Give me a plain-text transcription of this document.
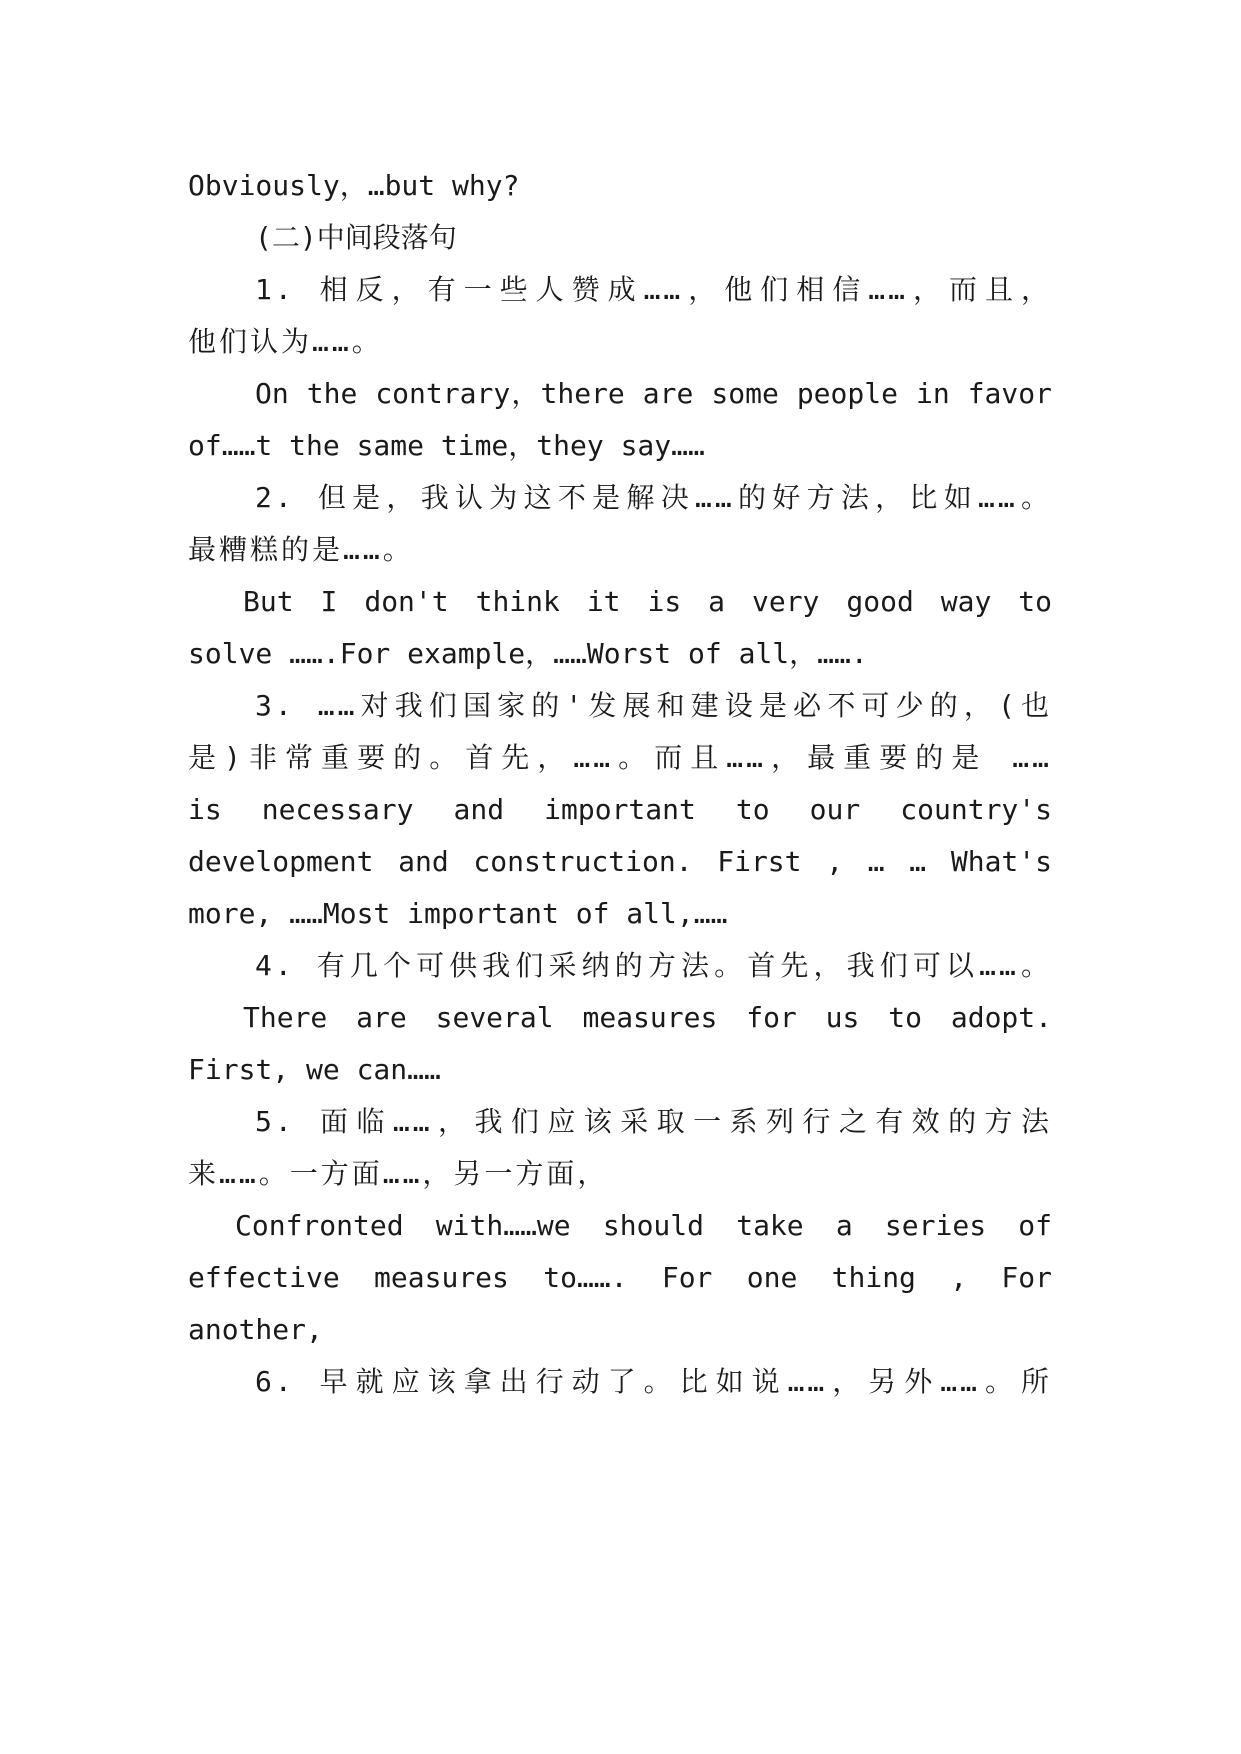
Obviously，…but why?
(二)中间段落句
1. 相反，有一些人赞成……，他们相信……，而且，
他们认为……。
On the contrary，there are some people in favor
of……t the same time，they say……
2. 但是，我认为这不是解决……的好方法，比如……。
最糟糕的是……。
But I don't think it is a very good way to
solve …….For example，……Worst of all，…….
3. ……对我们国家的'发展和建设是必不可少的，(也
是)非常重要的。首先，……。而且……，最重要的是 ……
is necessary and important to our country's
development and construction. First , … … What's
more, ……Most important of all,……
4. 有几个可供我们采纳的方法。首先，我们可以……。
There are several measures for us to adopt.
First, we can……
5. 面临……，我们应该采取一系列行之有效的方法
来……。一方面……，另一方面，
Confronted with……we should take a series of
effective measures to……. For one thing , For
another,
6. 早就应该拿出行动了。比如说……，另外……。所
